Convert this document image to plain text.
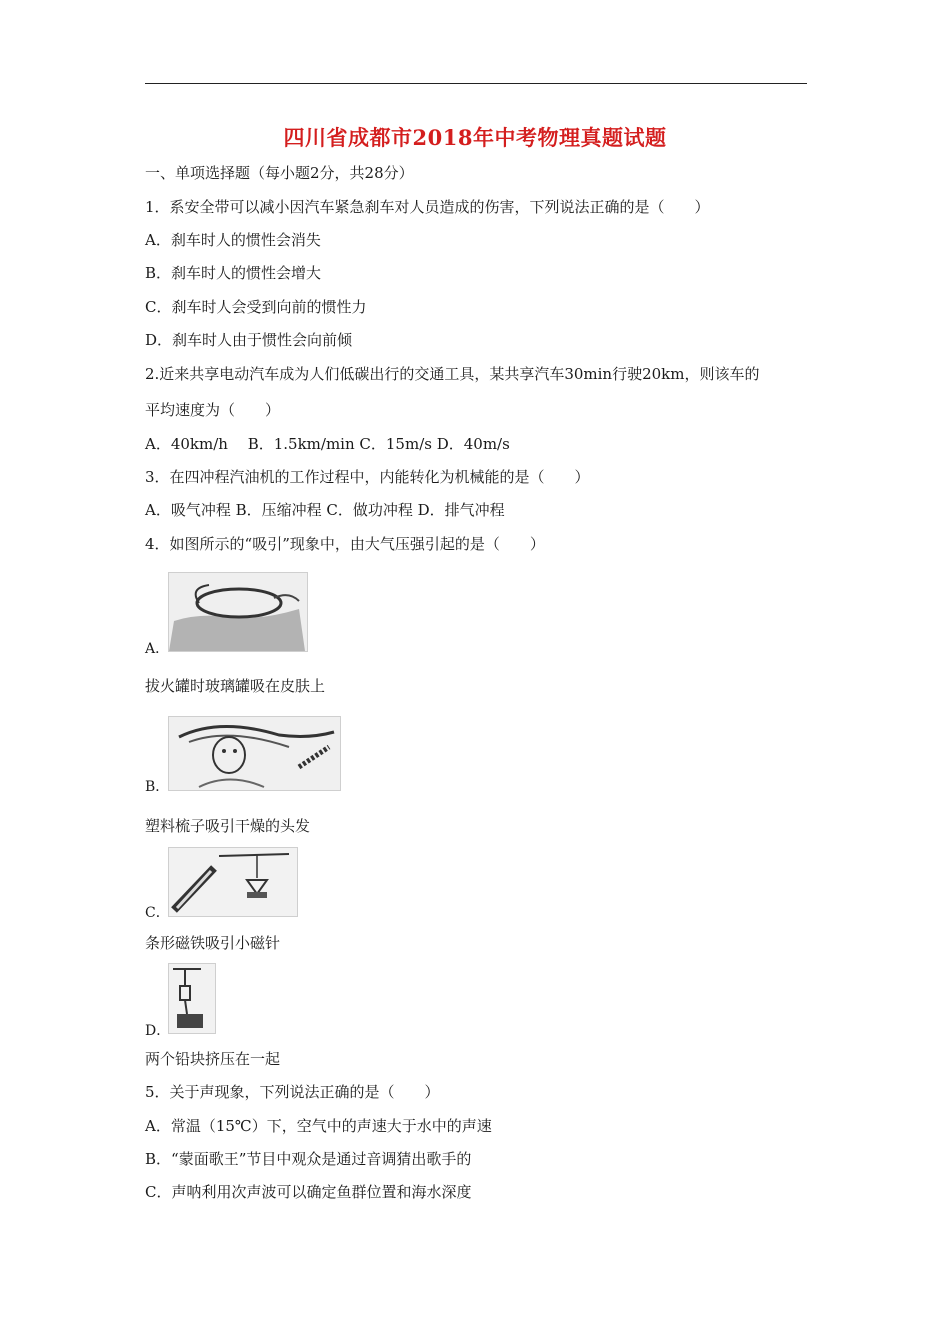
四川省成都市2018年中考物理真题试题
一、单项选择题（每小题2分，共28分）
1．系安全带可以减小因汽车紧急刹车对人员造成的伤害，下列说法正确的是（　　）
A．刹车时人的惯性会消失
B．刹车时人的惯性会增大
C．刹车时人会受到向前的惯性力
D．刹车时人由于惯性会向前倾
2.近来共享电动汽车成为人们低碳出行的交通工具，某共享汽车30min行驶20km，则该车的
平均速度为（　　）
A．40km/h　 B．1.5km/min C．15m/s D．40m/s
3．在四冲程汽油机的工作过程中，内能转化为机械能的是（　　）
A．吸气冲程 B．压缩冲程 C．做功冲程 D．排气冲程
4．如图所示的“吸引”现象中，由大气压强引起的是（　　）
A．
拔火罐时玻璃罐吸在皮肤上
B．
塑料梳子吸引干燥的头发
C．
条形磁铁吸引小磁针
D．
两个铅块挤压在一起
5．关于声现象，下列说法正确的是（　　）
A．常温（15℃）下，空气中的声速大于水中的声速
B．“蒙面歌王”节目中观众是通过音调猜出歌手的
C．声呐利用次声波可以确定鱼群位置和海水深度
